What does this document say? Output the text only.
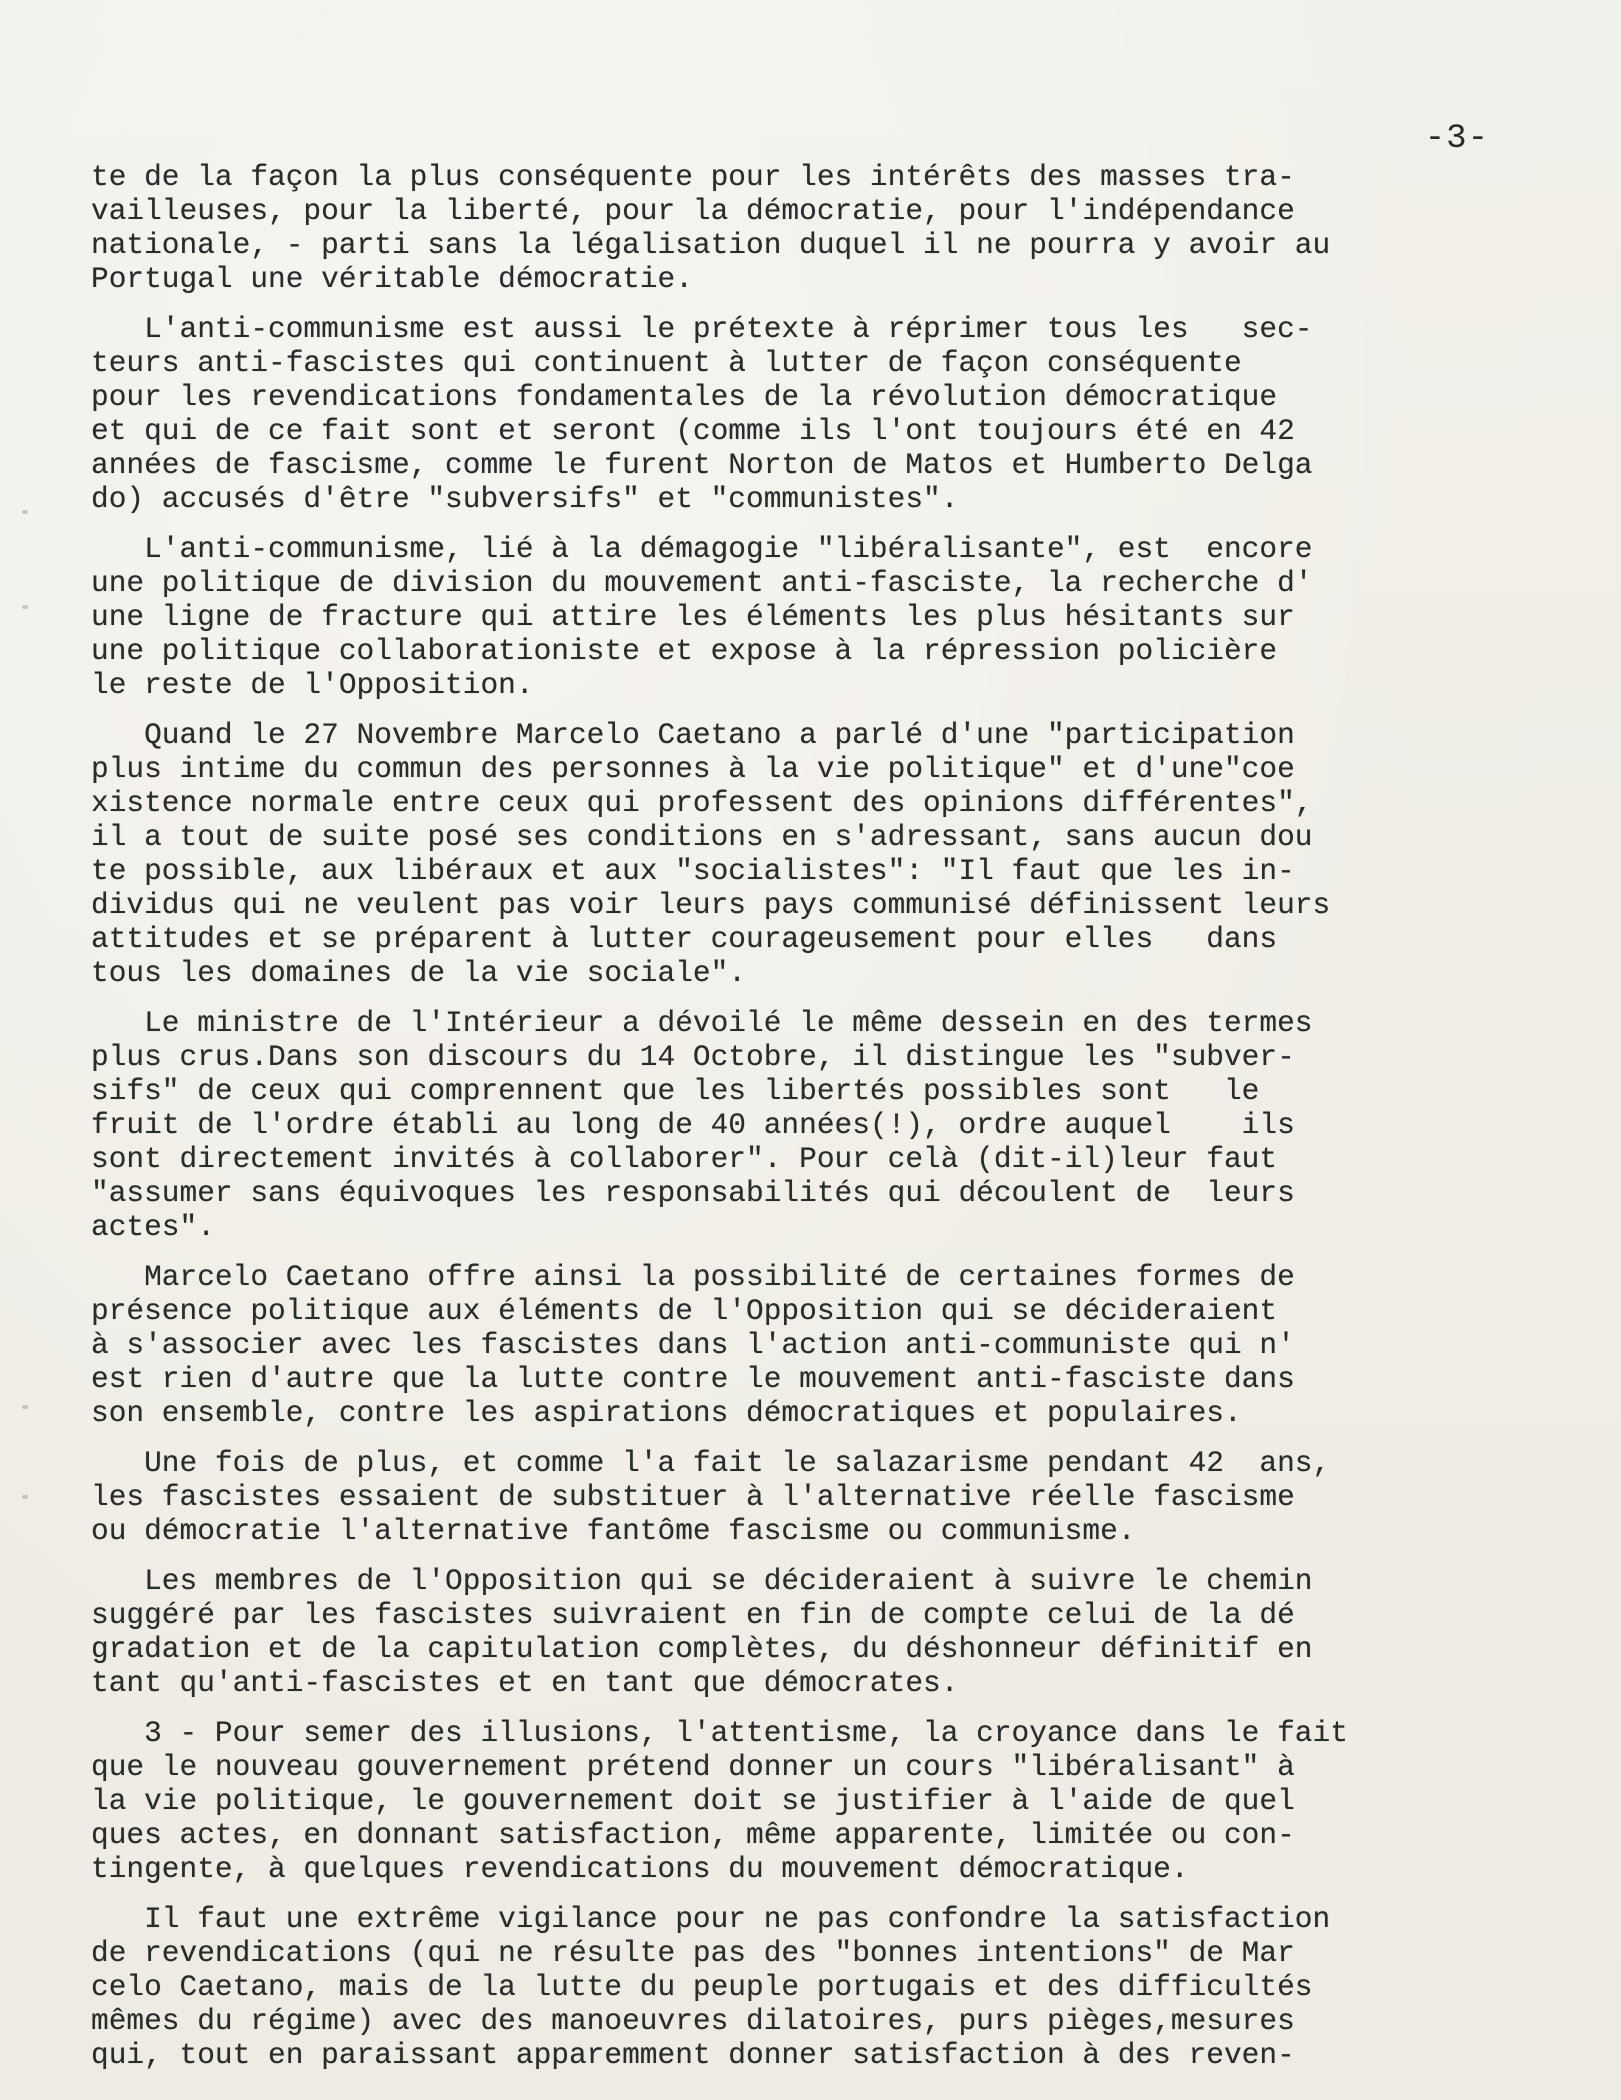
-3-
te de la façon la plus conséquente pour les intérêts des masses tra-
vailleuses, pour la liberté, pour la démocratie, pour l'indépendance
nationale, - parti sans la légalisation duquel il ne pourra y avoir au
Portugal une véritable démocratie.
L'anti-communisme est aussi le prétexte à réprimer tous les   sec-
teurs anti-fascistes qui continuent à lutter de façon conséquente
pour les revendications fondamentales de la révolution démocratique
et qui de ce fait sont et seront (comme ils l'ont toujours été en 42
années de fascisme, comme le furent Norton de Matos et Humberto Delga
do) accusés d'être "subversifs" et "communistes".
L'anti-communisme, lié à la démagogie "libéralisante", est  encore
une politique de division du mouvement anti-fasciste, la recherche d'
une ligne de fracture qui attire les éléments les plus hésitants sur
une politique collaborationiste et expose à la répression policière
le reste de l'Opposition.
Quand le 27 Novembre Marcelo Caetano a parlé d'une "participation
plus intime du commun des personnes à la vie politique" et d'une"coe
xistence normale entre ceux qui professent des opinions différentes",
il a tout de suite posé ses conditions en s'adressant, sans aucun dou
te possible, aux libéraux et aux "socialistes": "Il faut que les in-
dividus qui ne veulent pas voir leurs pays communisé définissent leurs
attitudes et se préparent à lutter courageusement pour elles   dans
tous les domaines de la vie sociale".
Le ministre de l'Intérieur a dévoilé le même dessein en des termes
plus crus.Dans son discours du 14 Octobre, il distingue les "subver-
sifs" de ceux qui comprennent que les libertés possibles sont   le
fruit de l'ordre établi au long de 40 années(!), ordre auquel    ils
sont directement invités à collaborer". Pour celà (dit-il)leur faut
"assumer sans équivoques les responsabilités qui découlent de  leurs
actes".
Marcelo Caetano offre ainsi la possibilité de certaines formes de
présence politique aux éléments de l'Opposition qui se décideraient
à s'associer avec les fascistes dans l'action anti-communiste qui n'
est rien d'autre que la lutte contre le mouvement anti-fasciste dans
son ensemble, contre les aspirations démocratiques et populaires.
Une fois de plus, et comme l'a fait le salazarisme pendant 42  ans,
les fascistes essaient de substituer à l'alternative réelle fascisme
ou démocratie l'alternative fantôme fascisme ou communisme.
Les membres de l'Opposition qui se décideraient à suivre le chemin
suggéré par les fascistes suivraient en fin de compte celui de la dé
gradation et de la capitulation complètes, du déshonneur définitif en
tant qu'anti-fascistes et en tant que démocrates.
3 - Pour semer des illusions, l'attentisme, la croyance dans le fait
que le nouveau gouvernement prétend donner un cours "libéralisant" à
la vie politique, le gouvernement doit se justifier à l'aide de quel
ques actes, en donnant satisfaction, même apparente, limitée ou con-
tingente, à quelques revendications du mouvement démocratique.
Il faut une extrême vigilance pour ne pas confondre la satisfaction
de revendications (qui ne résulte pas des "bonnes intentions" de Mar
celo Caetano, mais de la lutte du peuple portugais et des difficultés
mêmes du régime) avec des manoeuvres dilatoires, purs pièges,mesures
qui, tout en paraissant apparemment donner satisfaction à des reven-
